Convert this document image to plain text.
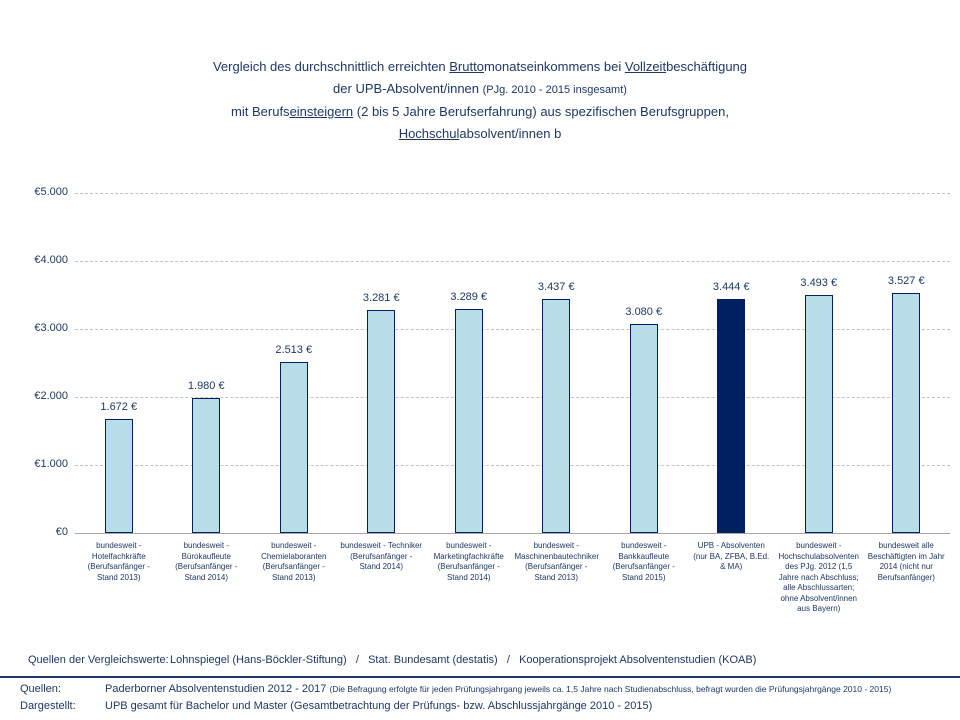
Vergleich des durchschnittlich erreichten Bruttomonatseinkommens bei Vollzeitbeschäftigung
der UPB-Absolvent/innen (PJg. 2010 - 2015 insgesamt)
mit Berufseinsteigern (2 bis 5 Jahre Berufserfahrung) aus spezifischen Berufsgruppen,
Hochschulabsolvent/innen b
€0
€1.000
€2.000
€3.000
€4.000
€5.000
1.672 €
bundesweit - Hotelfachkräfte (Berufsanfänger - Stand 2013)
1.980 €
bundesweit - Bürokaufleute (Berufsanfänger - Stand 2014)
2.513 €
bundesweit - Chemielaboranten (Berufsanfänger - Stand 2013)
3.281 €
bundesweit - Techniker (Berufsanfänger - Stand 2014)
3.289 €
bundesweit - Marketingfachkräfte (Berufsanfänger - Stand 2014)
3.437 €
bundesweit - Maschinenbautechniker (Berufsanfänger - Stand 2013)
3.080 €
bundesweit - Bankkaufleute (Berufsanfänger - Stand 2015)
3.444 €
UPB - Absolventen (nur BA, ZFBA, B.Ed. & MA)
3.493 €
bundesweit - Hochschulabsolventen des PJg. 2012 (1,5 Jahre nach Abschluss; alle Abschlussarten; ohne Absolvent/innen aus Bayern)
3.527 €
bundesweit alle Beschäftigten im Jahr 2014 (nicht nur Berufsanfänger)
Quellen der Vergleichswerte:Lohnspiegel (Hans-Böckler-Stiftung)   /   Stat. Bundesamt (destatis)   /   Kooperationsprojekt Absolventenstudien (KOAB)
Quellen:	Paderborner Absolventenstudien 2012 - 2017 (Die Befragung erfolgte für jeden Prüfungsjahrgang jeweils ca. 1,5 Jahre nach Studienabschluss, befragt wurden die Prüfungsjahrgänge 2010 - 2015)
Dargestellt:	UPB gesamt für Bachelor und Master (Gesamtbetrachtung der Prüfungs- bzw. Abschlussjahrgänge 2010 - 2015)
